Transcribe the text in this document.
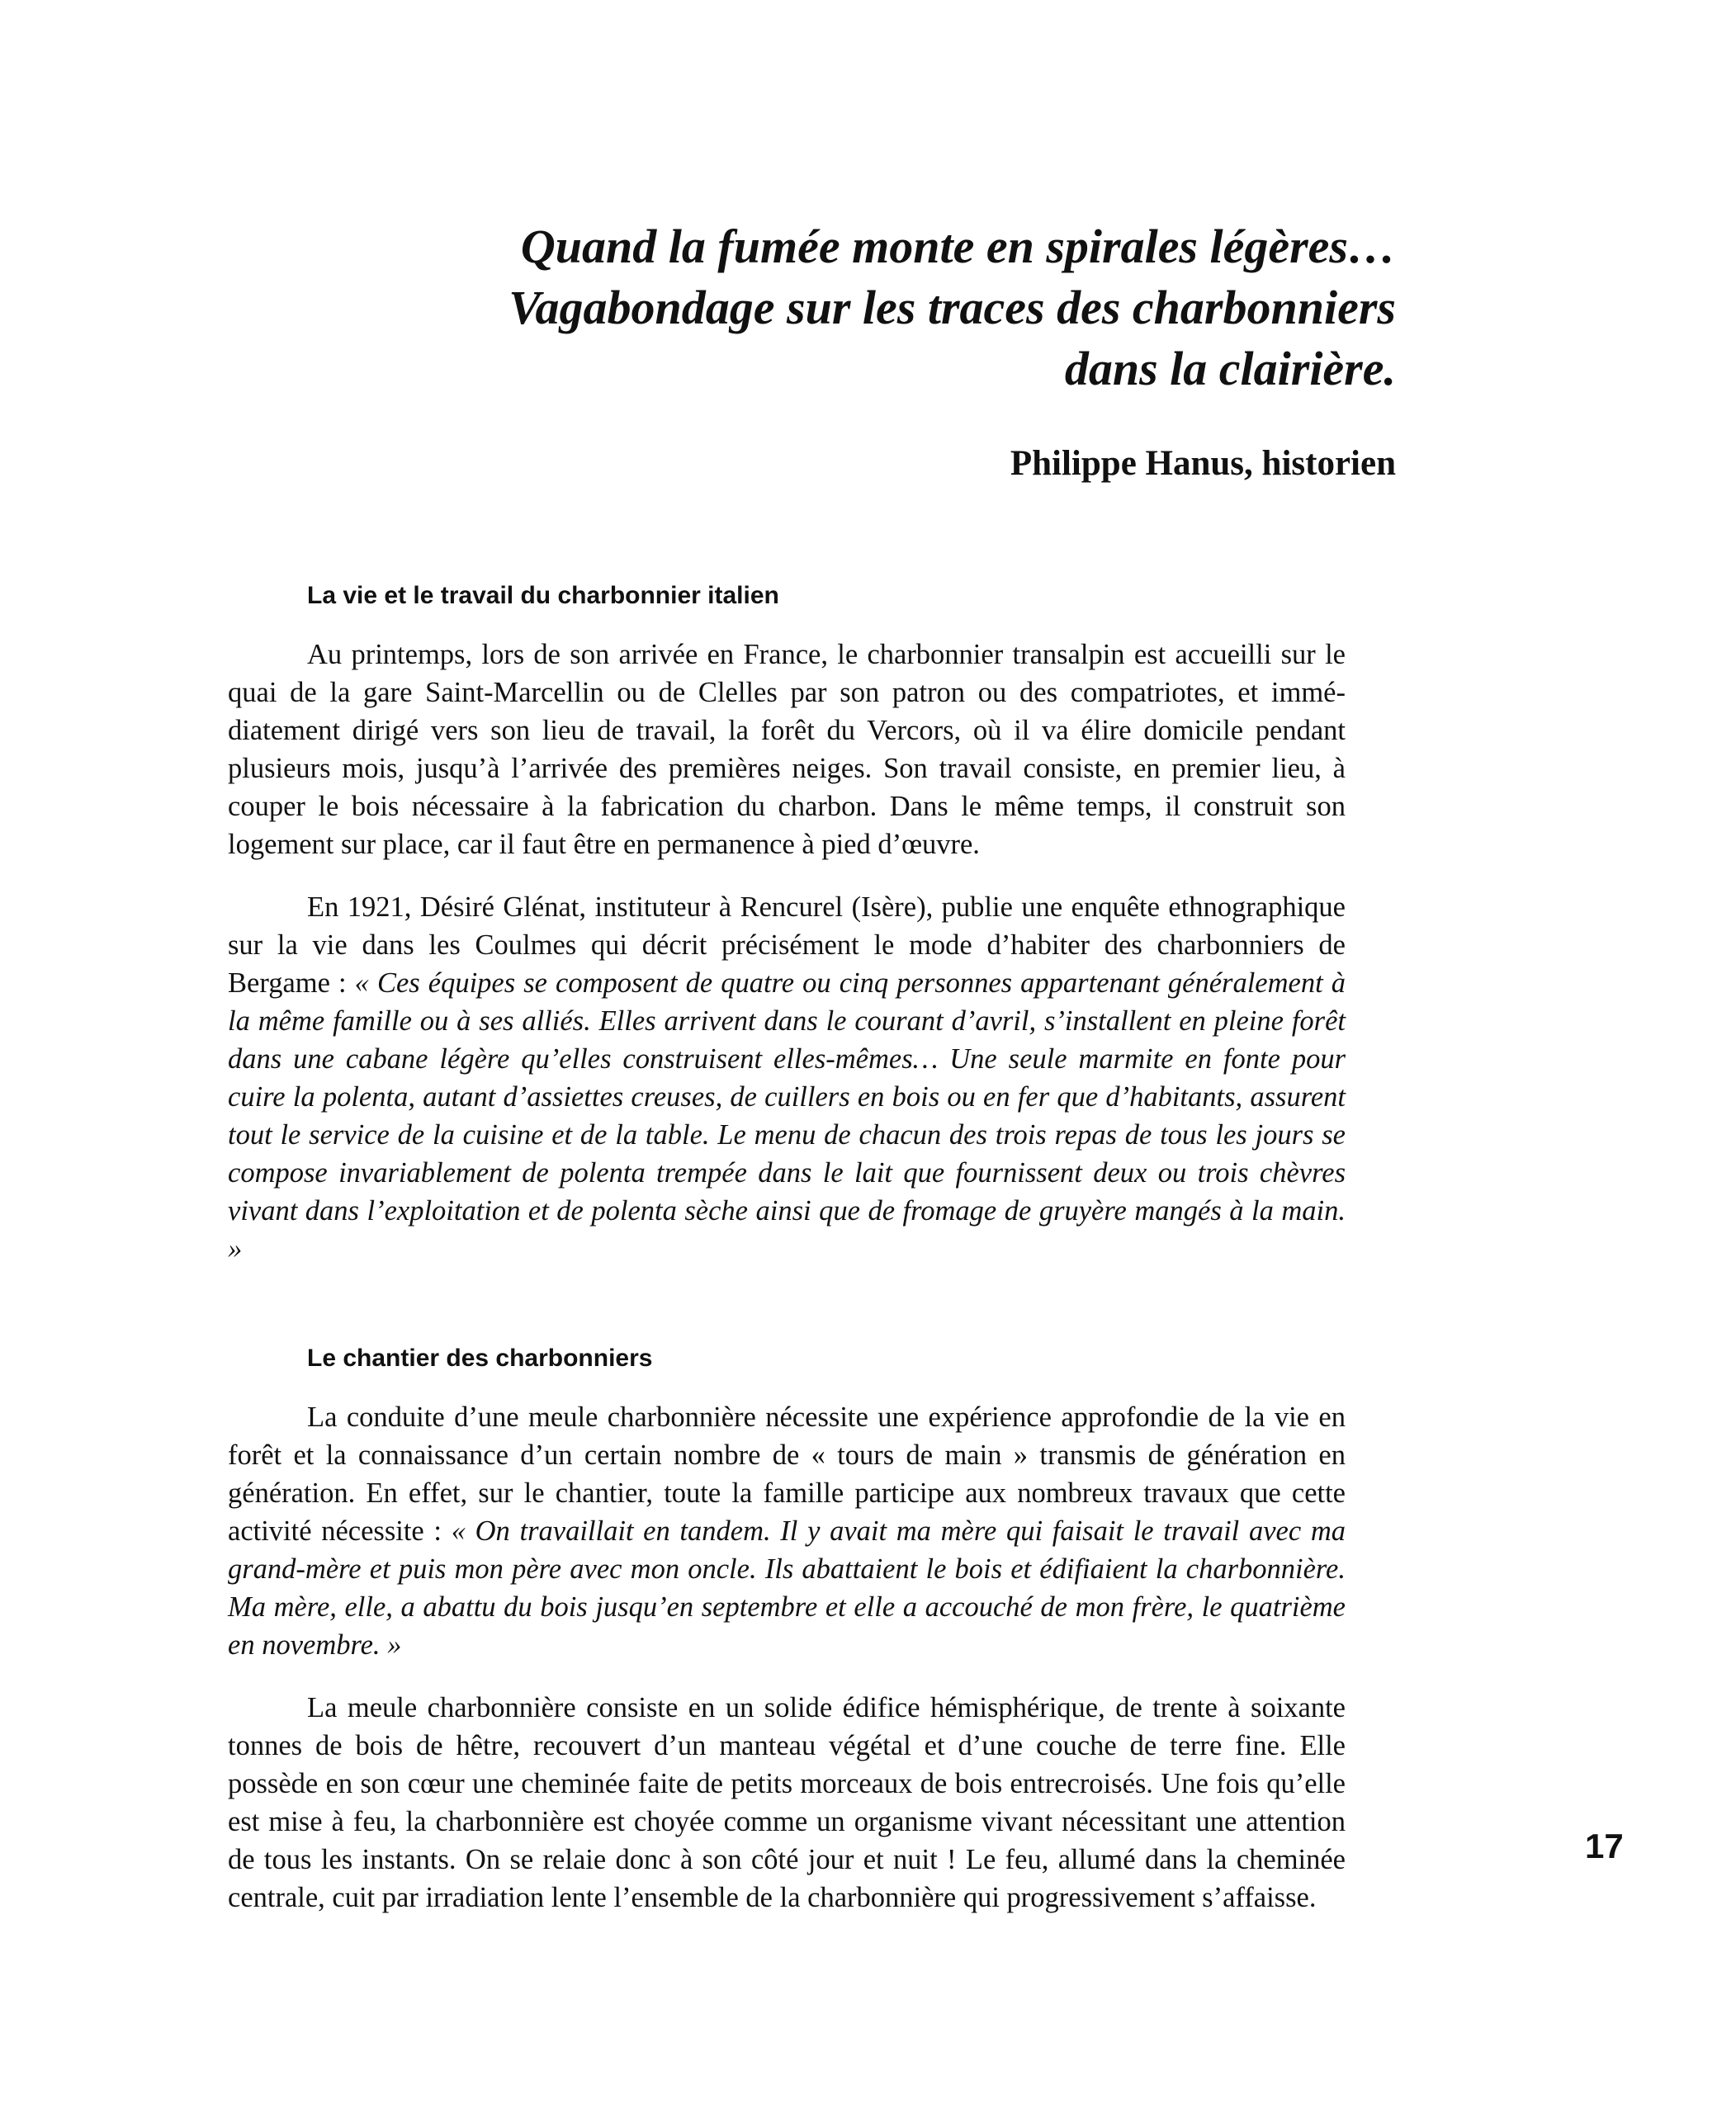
Quand la fumée monte en spirales légères…
Vagabondage sur les traces des charbonniers
dans la clairière.
Philippe Hanus, historien
La vie et le travail du charbonnier italien

Au printemps, lors de son arrivée en France, le charbonnier transalpin est accueilli sur le quai de la gare Saint-Marcellin ou de Clelles par son patron ou des compatriotes, et immédiatement dirigé vers son lieu de travail, la forêt du Vercors, où il va élire domicile pendant plusieurs mois, jusqu’à l’arrivée des premières neiges. Son travail consiste, en premier lieu, à couper le bois nécessaire à la fabrication du charbon. Dans le même temps, il construit son logement sur place, car il faut être en permanence à pied d’œuvre.

En 1921, Désiré Glénat, instituteur à Rencurel (Isère), publie une enquête ethnographique sur la vie dans les Coulmes qui décrit précisément le mode d’habiter des charbonniers de Bergame : « Ces équipes se composent de quatre ou cinq personnes appartenant généralement à la même famille ou à ses alliés. Elles arrivent dans le courant d’avril, s’installent en pleine forêt dans une cabane légère qu’elles construisent elles-mêmes… Une seule marmite en fonte pour cuire la polenta, autant d’assiettes creuses, de cuillers en bois ou en fer que d’habitants, assurent tout le service de la cuisine et de la table. Le menu de chacun des trois repas de tous les jours se compose invariablement de polenta trempée dans le lait que fournissent deux ou trois chèvres vivant dans l’exploitation et de polenta sèche ainsi que de fromage de gruyère mangés à la main. »

Le chantier des charbonniers

La conduite d’une meule charbonnière nécessite une expérience approfondie de la vie en forêt et la connaissance d’un certain nombre de « tours de main » transmis de génération en génération. En effet, sur le chantier, toute la famille participe aux nombreux travaux que cette activité nécessite : « On travaillait en tandem. Il y avait ma mère qui faisait le travail avec ma grand-mère et puis mon père avec mon oncle. Ils abattaient le bois et édifiaient la charbonnière. Ma mère, elle, a abattu du bois jusqu’en septembre et elle a accouché de mon frère, le quatrième en novembre. »

La meule charbonnière consiste en un solide édifice hémisphérique, de trente à soixante tonnes de bois de hêtre, recouvert d’un manteau végétal et d’une couche de terre fine. Elle possède en son cœur une cheminée faite de petits morceaux de bois entrecroisés. Une fois qu’elle est mise à feu, la charbonnière est choyée comme un organisme vivant nécessitant une attention de tous les instants. On se relaie donc à son côté jour et nuit ! Le feu, allumé dans la cheminée centrale, cuit par irradiation lente l’ensemble de la charbonnière qui progressivement s’affaisse.

17
